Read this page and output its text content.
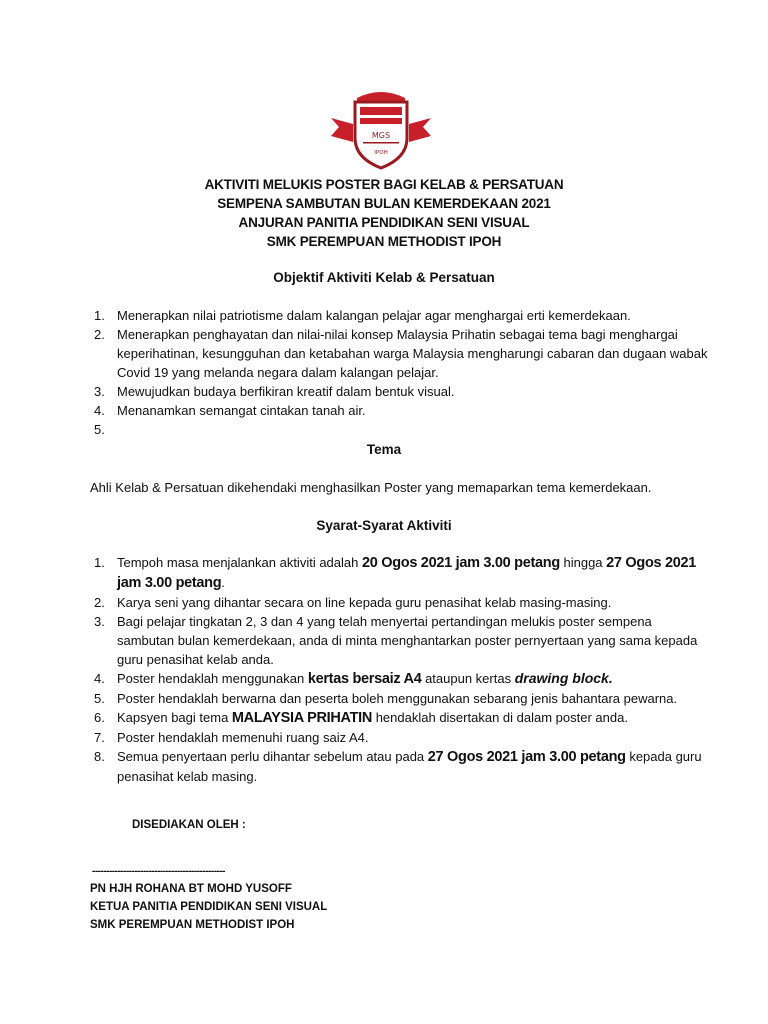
MGS
IPOH
AKTIVITI MELUKIS POSTER BAGI KELAB & PERSATUAN
SEMPENA SAMBUTAN BULAN KEMERDEKAAN 2021
ANJURAN PANITIA PENDIDIKAN SENI VISUAL
SMK PEREMPUAN METHODIST IPOH
Objektif Aktiviti Kelab & Persatuan
1. Menerapkan nilai patriotisme dalam kalangan pelajar agar menghargai erti kemerdekaan.
2. Menerapkan penghayatan dan nilai-nilai konsep Malaysia Prihatin sebagai tema bagi menghargai keperihatinan, kesungguhan dan ketabahan warga Malaysia mengharungi cabaran dan dugaan wabak Covid 19 yang melanda negara dalam kalangan pelajar.
3. Mewujudkan budaya berfikiran kreatif dalam bentuk visual.
4. Menanamkan semangat cintakan tanah air.
5.

Tema
Ahli Kelab & Persatuan dikehendaki menghasilkan Poster yang memaparkan tema kemerdekaan.
Syarat-Syarat Aktiviti
1. Tempoh masa menjalankan aktiviti adalah 20 Ogos 2021 jam 3.00 petang hingga 27 Ogos 2021 jam 3.00 petang.
2. Karya seni yang dihantar secara on line kepada guru penasihat kelab masing-masing.
3. Bagi pelajar tingkatan 2, 3 dan 4 yang telah menyertai pertandingan melukis poster sempena sambutan bulan kemerdekaan, anda di minta menghantarkan poster pernyertaan yang sama kepada guru penasihat kelab anda.
4. Poster hendaklah menggunakan kertas bersaiz A4 ataupun kertas drawing block.
5. Poster hendaklah berwarna dan peserta boleh menggunakan sebarang jenis bahantara pewarna.
6. Kapsyen bagi tema MALAYSIA PRIHATIN hendaklah disertakan di dalam poster anda.
7. Poster hendaklah memenuhi ruang saiz A4.
8. Semua penyertaan perlu dihantar sebelum atau pada 27 Ogos 2021 jam 3.00 petang kepada guru penasihat kelab masing.
DISEDIAKAN OLEH :
-----------------------------------------------
PN HJH ROHANA BT MOHD YUSOFF
KETUA PANITIA PENDIDIKAN SENI VISUAL
SMK PEREMPUAN METHODIST IPOH
